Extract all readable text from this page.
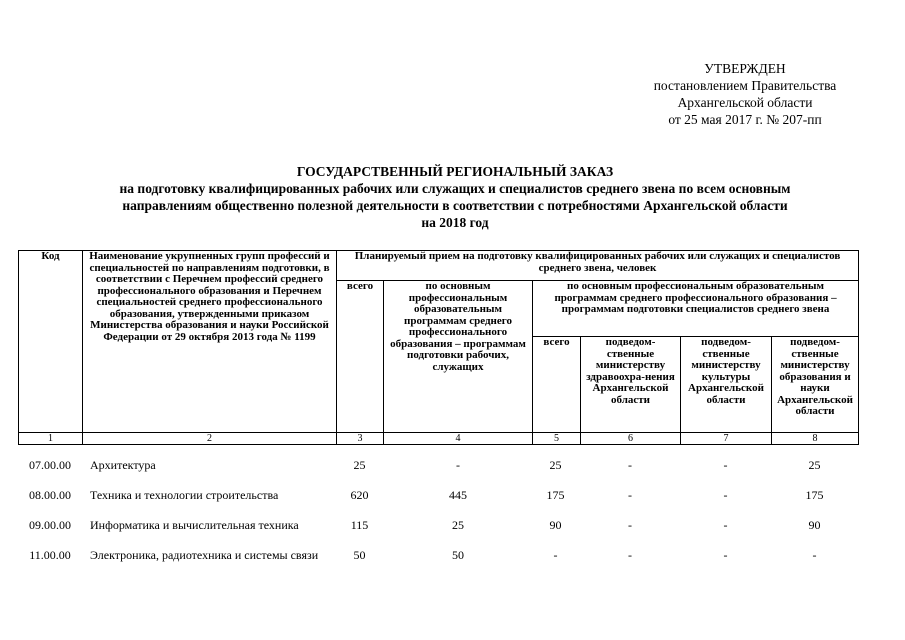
УТВЕРЖДЕН
постановлением Правительства
Архангельской области
от 25 мая 2017 г. № 207-пп
ГОСУДАРСТВЕННЫЙ РЕГИОНАЛЬНЫЙ ЗАКАЗ
на подготовку квалифицированных рабочих или служащих и специалистов среднего звена по всем основным
направлениям общественно полезной деятельности в соответствии с потребностями Архангельской области
на 2018 год
Код	Наименование укрупненных групп профессий и специальностей по направлениям подготовки, в соответствии с Перечнем профессий среднего профессионального образования и Перечнем специальностей среднего профессионального образования, утвержденными приказом Министерства образования и науки Российской Федерации от 29 октября 2013 года № 1199	Планируемый прием на подготовку квалифицированных рабочих или служащих и специалистов среднего звена, человек					
		всего	по основным профессиональным образовательным программам среднего профессионального образования – программам подготовки рабочих, служащих	по основным профессиональным образовательным программам среднего профессионального образования – программам подготовки специалистов среднего звена			
				всего	подведом-ственные министерству здравоохра-нения Архангельской области	подведом-ственные министерству культуры Архангельской области	подведом-ственные министерству образования и науки Архангельской области
1	2	3	4	5	6	7	8
07.00.00	Архитектура	25	-	25	-	-	25
08.00.00	Техника и технологии строительства	620	445	175	-	-	175
09.00.00	Информатика и вычислительная техника	115	25	90	-	-	90
11.00.00	Электроника, радиотехника и системы связи	50	50	-	-	-	-
